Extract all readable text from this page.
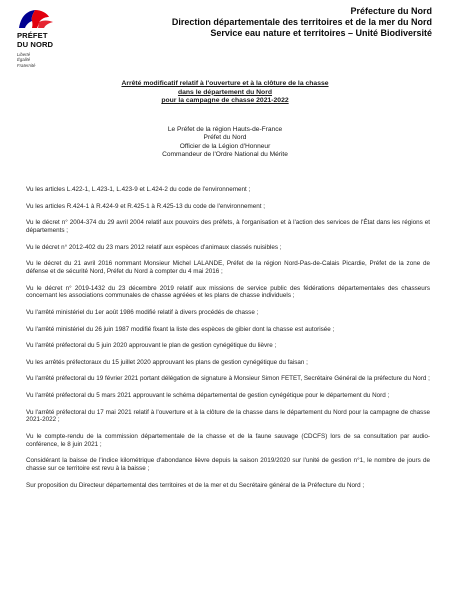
PRÉFET
DU NORD
Liberté
Égalité
Fraternité
Préfecture du Nord
Direction départementale des territoires et de la mer du Nord
Service eau nature et territoires – Unité Biodiversité
Arrêté modificatif relatif à l'ouverture et à la clôture de la chasse
dans le département du Nord
pour la campagne de chasse 2021-2022
Le Préfet de la région Hauts-de-France
Préfet du Nord
Officier de la Légion d'Honneur
Commandeur de l'Ordre National du Mérite

Vu les articles L.422-1, L.423-1, L.423-9 et L.424-2 du code de l'environnement ;

Vu les articles R.424-1 à R.424-9 et R.425-1 à R.425-13 du code de l'environnement ;

Vu le décret n° 2004-374 du 29 avril 2004 relatif aux pouvoirs des préfets, à l'organisation et à l'action des services de l'État dans les régions et départements ;

Vu le décret n° 2012-402 du 23 mars 2012 relatif aux espèces d'animaux classés nuisibles ;

Vu le décret du 21 avril 2016 nommant Monsieur Michel LALANDE, Préfet de la région Nord-Pas-de-Calais Picardie, Préfet de la zone de défense et de sécurité Nord, Préfet du Nord à compter du 4 mai 2016 ;

Vu le décret n° 2019-1432 du 23 décembre 2019 relatif aux missions de service public des fédérations départementales des chasseurs concernant les associations communales de chasse agréées et les plans de chasse individuels ;

Vu l'arrêté ministériel du 1er août 1986 modifié relatif à divers procédés de chasse ;

Vu l'arrêté ministériel du 26 juin 1987 modifié fixant la liste des espèces de gibier dont la chasse est autorisée ;

Vu l'arrêté préfectoral du 5 juin 2020 approuvant le plan de gestion cynégétique du lièvre ;

Vu les arrêtés préfectoraux du 15 juillet 2020 approuvant les plans de gestion cynégétique du faisan ;

Vu l'arrêté préfectoral du 19 février 2021 portant délégation de signature à Monsieur Simon FETET, Secrétaire Général de la préfecture du Nord ;

Vu l'arrêté préfectoral du 5 mars 2021 approuvant le schéma départemental de gestion cynégétique pour le département du Nord ;

Vu l'arrêté préfectoral du 17 mai 2021 relatif à l'ouverture et à la clôture de la chasse dans le département du Nord pour la campagne de chasse 2021-2022 ;

Vu le compte-rendu de la commission départementale de la chasse et de la faune sauvage (CDCFS) lors de sa consultation par audio-conférence, le 8 juin 2021 ;

Considérant la baisse de l'indice kilométrique d'abondance lièvre depuis la saison 2019/2020 sur l'unité de gestion n°1, le nombre de jours de chasse sur ce territoire est revu à la baisse ;

Sur proposition du Directeur départemental des territoires et de la mer et du Secrétaire général de la Préfecture du Nord ;
